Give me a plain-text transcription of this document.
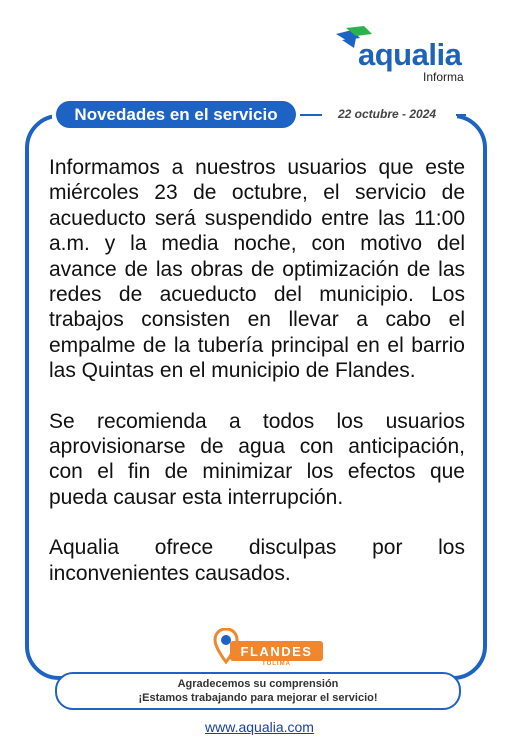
aqualia
Informa
Novedades en el servicio	22 octubre - 2024

Informamos a nuestros usuarios que este miércoles 23 de octubre, el servicio de acueducto será suspendido entre las 11:00 a.m. y la media noche, con motivo del avance de las obras de optimización de las redes de acueducto del municipio. Los trabajos consisten en llevar a cabo el empalme de la tubería principal en el barrio las Quintas en el municipio de Flandes.

Se recomienda a todos los usuarios aprovisionarse de agua con anticipación, con el fin de minimizar los efectos que pueda causar esta interrupción.

Aqualia ofrece disculpas por los inconvenientes causados.

FLANDES
TOLIMA
Agradecemos su comprensión
¡Estamos trabajando para mejorar el servicio!
www.aqualia.com
